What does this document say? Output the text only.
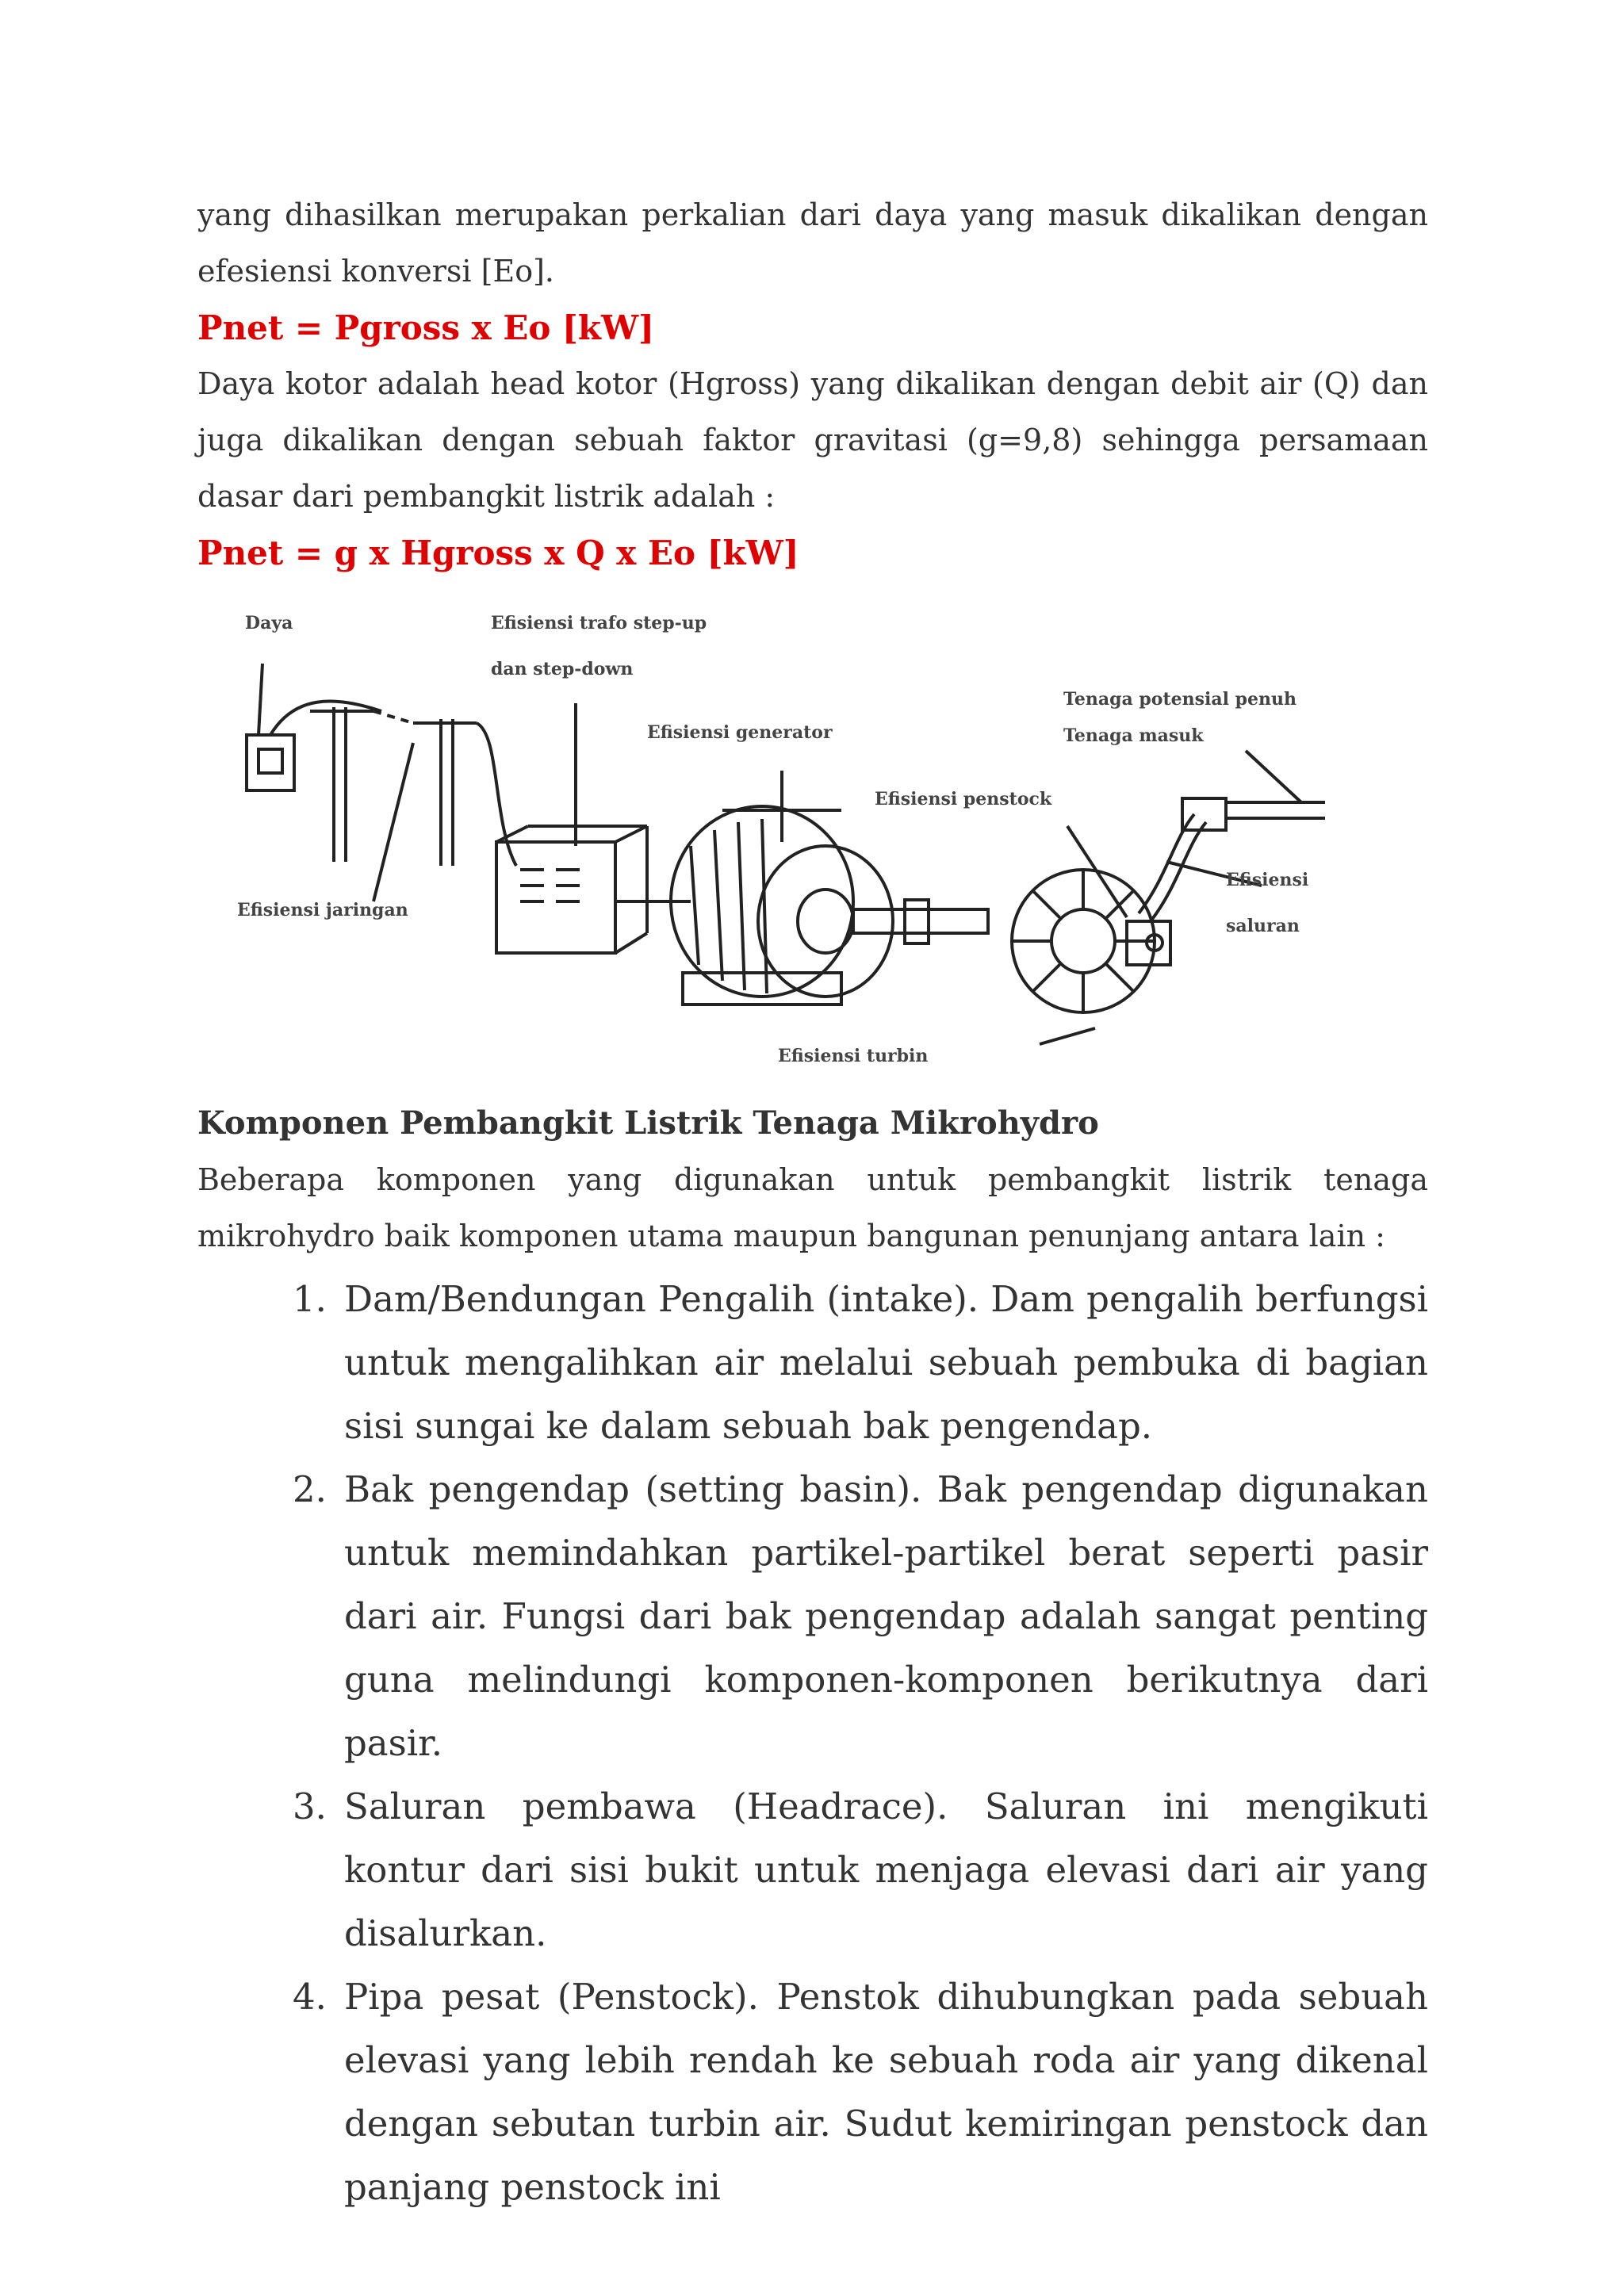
yang dihasilkan merupakan perkalian dari daya yang masuk dikalikan dengan efesiensi konversi [Eo].

Pnet = Pgross x Eo [kW]

Daya kotor adalah head kotor (Hgross) yang dikalikan dengan debit air (Q) dan juga dikalikan dengan sebuah faktor gravitasi (g=9,8) sehingga persamaan dasar dari pembangkit listrik adalah :

Pnet = g x Hgross x Q x Eo [kW]

Daya	Efisiensi trafo step-up
dan step-down
Efisiensi generator
Tenaga potensial penuh
Tenaga masuk
Efisiensi penstock
Efisiensi
saluran
Efisiensi jaringan
Efisiensi turbin

Komponen Pembangkit Listrik Tenaga Mikrohydro

Beberapa komponen yang digunakan untuk pembangkit listrik tenaga mikrohydro baik komponen utama maupun bangunan penunjang antara lain :

1. Dam/Bendungan Pengalih (intake). Dam pengalih berfungsi untuk mengalihkan air melalui sebuah pembuka di bagian sisi sungai ke dalam sebuah bak pengendap.
2. Bak pengendap (setting basin). Bak pengendap digunakan untuk memindahkan partikel-partikel berat seperti pasir dari air. Fungsi dari bak pengendap adalah sangat penting guna melindungi komponen-komponen berikutnya dari pasir.
3. Saluran pembawa (Headrace). Saluran ini mengikuti kontur dari sisi bukit untuk menjaga elevasi dari air yang disalurkan.
4. Pipa pesat (Penstock). Penstok dihubungkan pada sebuah elevasi yang lebih rendah ke sebuah roda air yang dikenal dengan sebutan turbin air. Sudut kemiringan penstock dan panjang penstock ini
